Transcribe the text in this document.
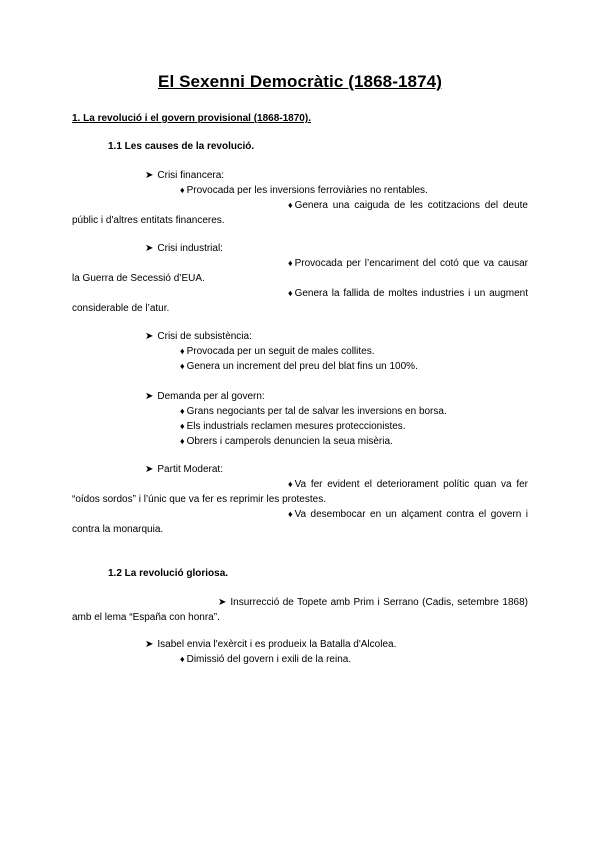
El Sexenni Democràtic (1868-1874)
1. La revolució i el govern provisional (1868-1870).
1.1 Les causes de la revolució.
➤ Crisi financera:
♦ Provocada per les inversions ferroviàries no rentables.
♦ Genera una caiguda de les cotitzacions del deute públic i d'altres entitats financeres.
➤ Crisi industrial:
♦ Provocada per l’encariment del cotó que va causar la Guerra de Secessió d’EUA.
♦ Genera la fallida de moltes industries i un augment considerable de l’atur.
➤ Crisi de subsistència:
♦ Provocada per un seguit de males collites.
♦ Genera un increment del preu del blat fins un 100%.
➤ Demanda per al govern:
♦ Grans negociants per tal de salvar les inversions en borsa.
♦ Els industrials reclamen mesures proteccionistes.
♦ Obrers i camperols denuncien la seua misèria.
➤ Partit Moderat:
♦ Va fer evident el deteriorament polític quan va fer “oídos sordos” i l’únic que va fer es reprimir les protestes.
♦ Va desembocar en un alçament contra el govern i contra la monarquia.
1.2 La revolució gloriosa.
➤ Insurrecció de Topete amb Prim i Serrano (Cadis, setembre 1868) amb el lema “España con honra”.
➤ Isabel envia l'exèrcit i es produeix la Batalla d'Alcolea.
♦ Dimissió del govern i exili de la reina.
